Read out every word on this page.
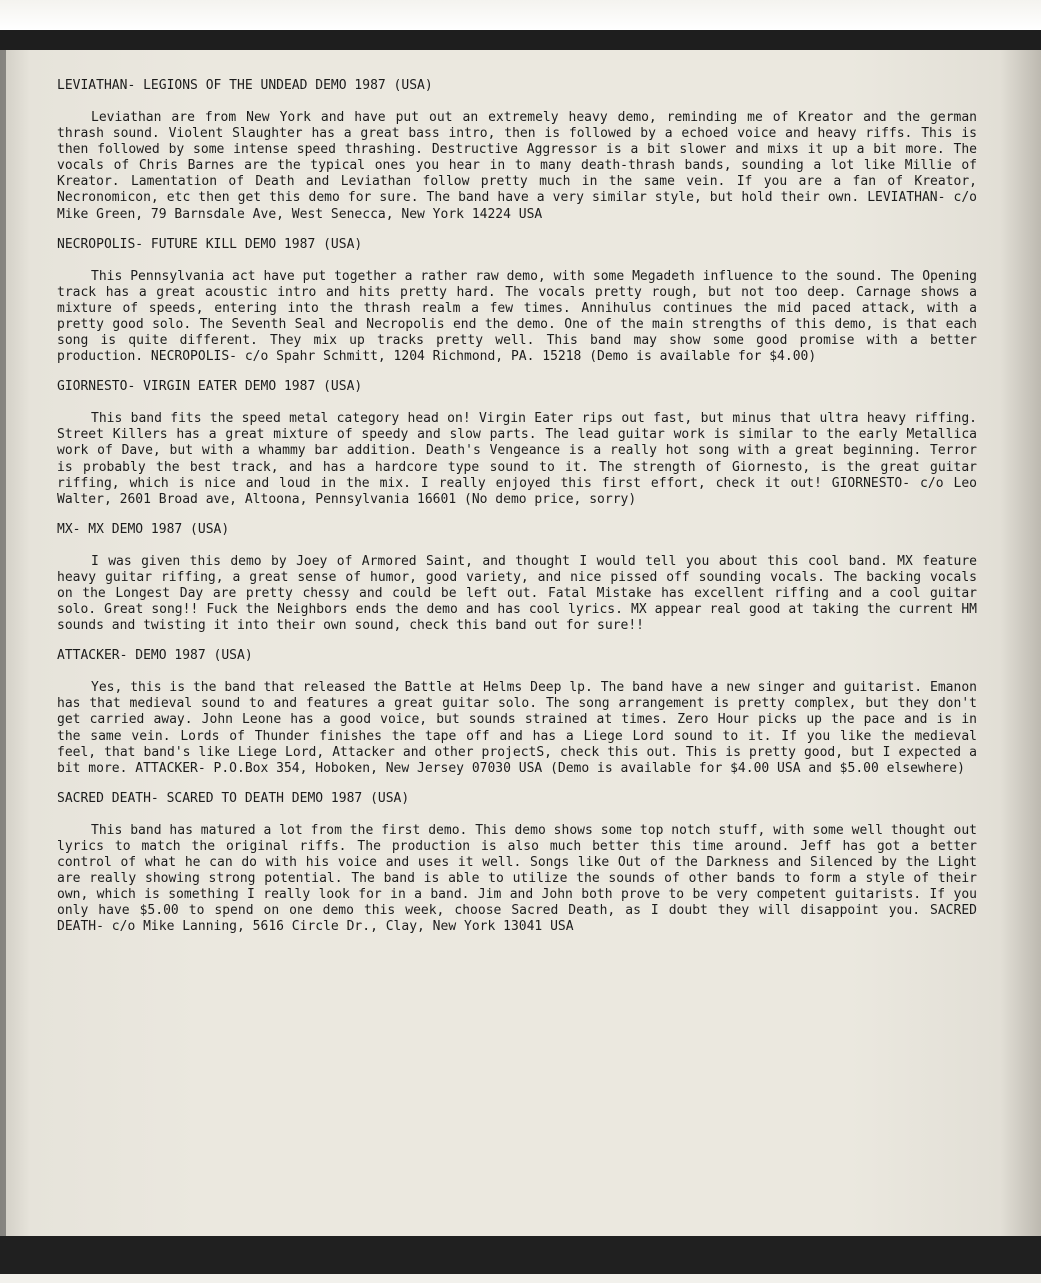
LEVIATHAN- LEGIONS OF THE UNDEAD DEMO 1987 (USA)

Leviathan are from New York and have put out an extremely heavy demo, reminding me of Kreator and the german thrash sound. Violent Slaughter has a great bass intro, then is followed by a echoed voice and heavy riffs. This is then followed by some intense speed thrashing. Destructive Aggressor is a bit slower and mixs it up a bit more. The vocals of Chris Barnes are the typical ones you hear in to many death-thrash bands, sounding a lot like Millie of Kreator. Lamentation of Death and Leviathan follow pretty much in the same vein. If you are a fan of Kreator, Necronomicon, etc then get this demo for sure. The band have a very similar style, but hold their own. LEVIATHAN- c/o Mike Green, 79 Barnsdale Ave, West Senecca, New York 14224 USA

NECROPOLIS- FUTURE KILL DEMO 1987 (USA)

This Pennsylvania act have put together a rather raw demo, with some Megadeth influence to the sound. The Opening track has a great acoustic intro and hits pretty hard. The vocals pretty rough, but not too deep. Carnage shows a mixture of speeds, entering into the thrash realm a few times. Annihulus continues the mid paced attack, with a pretty good solo. The Seventh Seal and Necropolis end the demo. One of the main strengths of this demo, is that each song is quite different. They mix up tracks pretty well. This band may show some good promise with a better production. NECROPOLIS- c/o Spahr Schmitt, 1204 Richmond, PA. 15218 (Demo is available for $4.00)

GIORNESTO- VIRGIN EATER DEMO 1987 (USA)

This band fits the speed metal category head on! Virgin Eater rips out fast, but minus that ultra heavy riffing. Street Killers has a great mixture of speedy and slow parts. The lead guitar work is similar to the early Metallica work of Dave, but with a whammy bar addition. Death's Vengeance is a really hot song with a great beginning. Terror is probably the best track, and has a hardcore type sound to it. The strength of Giornesto, is the great guitar riffing, which is nice and loud in the mix. I really enjoyed this first effort, check it out! GIORNESTO- c/o Leo Walter, 2601 Broad ave, Altoona, Pennsylvania 16601 (No demo price, sorry)

MX- MX DEMO 1987 (USA)

I was given this demo by Joey of Armored Saint, and thought I would tell you about this cool band. MX feature heavy guitar riffing, a great sense of humor, good variety, and nice pissed off sounding vocals. The backing vocals on the Longest Day are pretty chessy and could be left out. Fatal Mistake has excellent riffing and a cool guitar solo. Great song!! Fuck the Neighbors ends the demo and has cool lyrics. MX appear real good at taking the current HM sounds and twisting it into their own sound, check this band out for sure!!

ATTACKER- DEMO 1987 (USA)

Yes, this is the band that released the Battle at Helms Deep lp. The band have a new singer and guitarist. Emanon has that medieval sound to and features a great guitar solo. The song arrangement is pretty complex, but they don't get carried away. John Leone has a good voice, but sounds strained at times. Zero Hour picks up the pace and is in the same vein. Lords of Thunder finishes the tape off and has a Liege Lord sound to it. If you like the medieval feel, that band's like Liege Lord, Attacker and other projectS, check this out. This is pretty good, but I expected a bit more. ATTACKER- P.O.Box 354, Hoboken, New Jersey 07030 USA (Demo is available for $4.00 USA and $5.00 elsewhere)

SACRED DEATH- SCARED TO DEATH DEMO 1987 (USA)

This band has matured a lot from the first demo. This demo shows some top notch stuff, with some well thought out lyrics to match the original riffs. The production is also much better this time around. Jeff has got a better control of what he can do with his voice and uses it well. Songs like Out of the Darkness and Silenced by the Light are really showing strong potential. The band is able to utilize the sounds of other bands to form a style of their own, which is something I really look for in a band. Jim and John both prove to be very competent guitarists. If you only have $5.00 to spend on one demo this week, choose Sacred Death, as I doubt they will disappoint you. SACRED DEATH- c/o Mike Lanning, 5616 Circle Dr., Clay, New York 13041 USA
